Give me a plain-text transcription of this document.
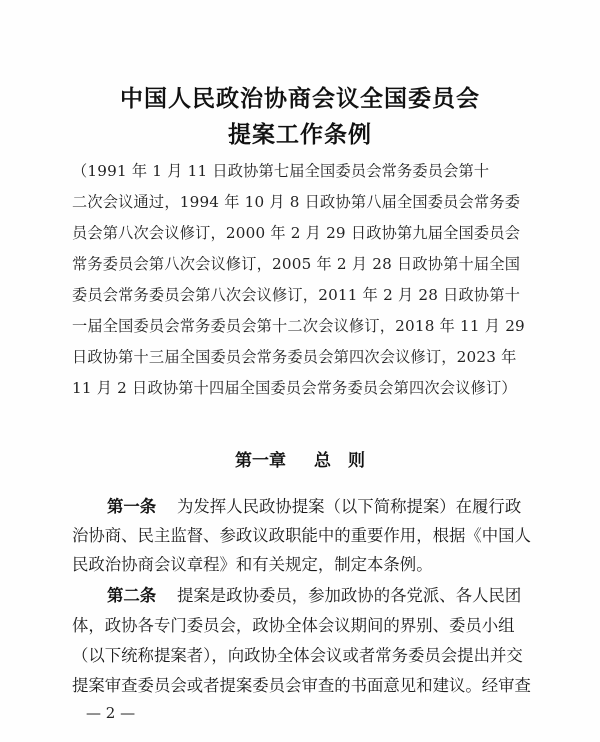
中国人民政治协商会议全国委员会
提案工作条例
（1991 年 1 月 11 日政协第七届全国委员会常务委员会第十
二次会议通过，1994 年 10 月 8 日政协第八届全国委员会常务委
员会第八次会议修订，2000 年 2 月 29 日政协第九届全国委员会
常务委员会第八次会议修订，2005 年 2 月 28 日政协第十届全国
委员会常务委员会第八次会议修订，2011 年 2 月 28 日政协第十
一届全国委员会常务委员会第十二次会议修订，2018 年 11 月 29
日政协第十三届全国委员会常务委员会第四次会议修订，2023 年
11 月 2 日政协第十四届全国委员会常务委员会第四次会议修订）
第一章 总　则
第一条 为发挥人民政协提案（以下简称提案）在履行政
治协商、民主监督、参政议政职能中的重要作用，根据《中国人
民政治协商会议章程》和有关规定，制定本条例。
第二条 提案是政协委员，参加政协的各党派、各人民团
体，政协各专门委员会，政协全体会议期间的界别、委员小组
（以下统称提案者），向政协全体会议或者常务委员会提出并交
提案审查委员会或者提案委员会审查的书面意见和建议。经审查
— 2 —
